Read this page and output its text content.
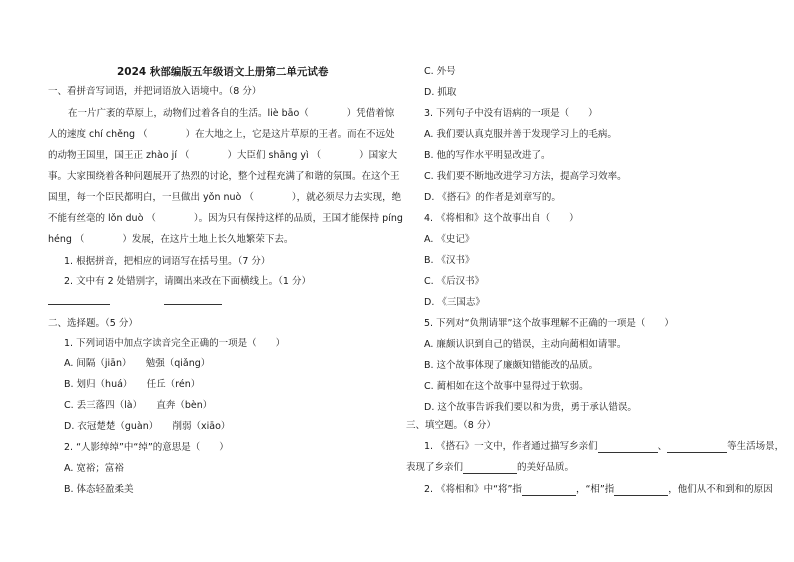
2024 秋部编版五年级语文上册第二单元试卷
一、看拼音写词语，并把词语放入语境中。（8 分）
在一片广袤的草原上，动物们过着各自的生活。liè bāo（　　　　）凭借着惊
人的速度 chí chěng （　　　　）在大地之上，它是这片草原的王者。而在不远处
的动物王国里，国王正 zhào jí （　　　　）大臣们 shāng yì （　　　　）国家大
事。大家围绕着各种问题展开了热烈的讨论，整个过程充满了和谐的氛围。在这个王
国里，每一个臣民都明白，一旦做出 yǒn nuò （　　　　），就必须尽力去实现，绝
不能有丝毫的 lǒn duò （　　　　）。因为只有保持这样的品质，王国才能保持 píng
héng （　　　　）发展，在这片土地上长久地繁荣下去。
1. 根据拼音，把相应的词语写在括号里。（7 分）
2. 文中有 2 处错别字，请圈出来改在下面横线上。（1 分）
二、选择题。（5 分）
1. 下列词语中加点字读音完全正确的一项是（　　）
A. 间隔（jiān）　　勉强（qiǎng）
B. 划归（huá）　　任丘（rén）
C. 丢三落四（là）　　直奔（bèn）
D. 衣冠楚楚（guàn）　　削弱（xiāo）
2. “人影绰绰”中“绰”的意思是（　　）
A. 宽裕；富裕
B. 体态轻盈柔美
C. 外号
D. 抓取
3. 下列句子中没有语病的一项是（　　）
A. 我们要认真克服并善于发现学习上的毛病。
B. 他的写作水平明显改进了。
C. 我们要不断地改进学习方法，提高学习效率。
D. 《搭石》的作者是刘章写的。
4. 《将相和》这个故事出自（　　）
A. 《史记》
B. 《汉书》
C. 《后汉书》
D. 《三国志》
5. 下列对“负荆请罪”这个故事理解不正确的一项是（　　）
A. 廉颇认识到自己的错误，主动向蔺相如请罪。
B. 这个故事体现了廉颇知错能改的品质。
C. 蔺相如在这个故事中显得过于软弱。
D. 这个故事告诉我们要以和为贵，勇于承认错误。
三、填空题。（8 分）
1. 《搭石》一文中，作者通过描写乡亲们	、	等生活场景，
表现了乡亲们	的美好品质。
2. 《将相和》中“将”指	，“相”指	，他们从不和到和的原因
